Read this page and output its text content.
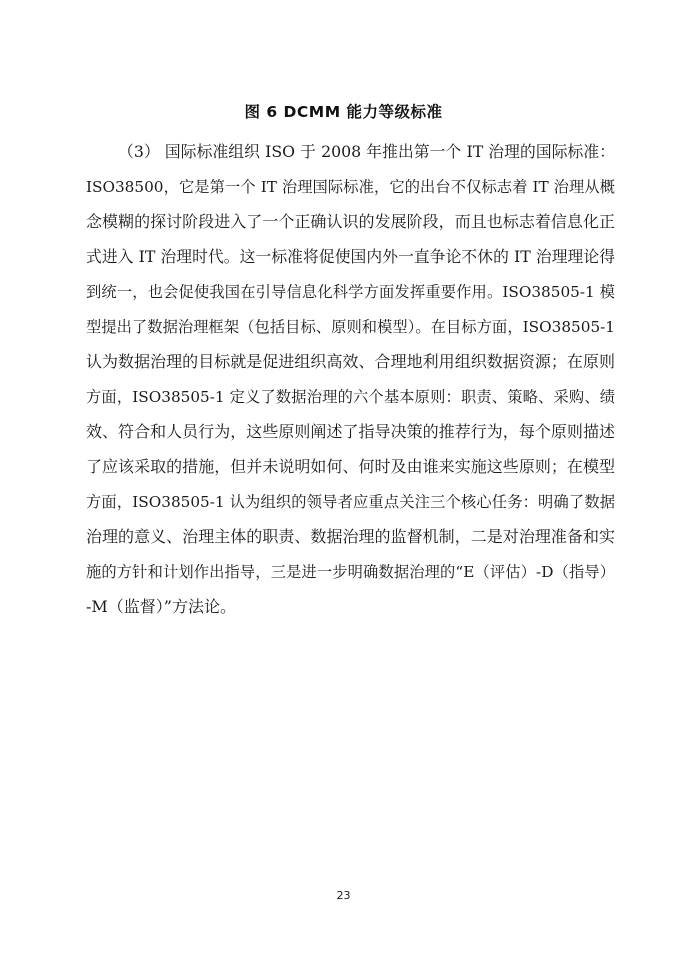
图 6 DCMM 能力等级标准
（3） 国际标准组织 ISO 于 2008 年推出第一个 IT 治理的国际标准：
ISO38500，它是第一个 IT 治理国际标准，它的出台不仅标志着 IT 治理从概
念模糊的探讨阶段进入了一个正确认识的发展阶段，而且也标志着信息化正
式进入 IT 治理时代。这一标准将促使国内外一直争论不休的 IT 治理理论得
到统一，也会促使我国在引导信息化科学方面发挥重要作用。ISO38505-1 模
型提出了数据治理框架（包括目标、原则和模型）。在目标方面，ISO38505-1
认为数据治理的目标就是促进组织高效、合理地利用组织数据资源；在原则
方面，ISO38505-1 定义了数据治理的六个基本原则：职责、策略、采购、绩
效、符合和人员行为，这些原则阐述了指导决策的推荐行为，每个原则描述
了应该采取的措施，但并未说明如何、何时及由谁来实施这些原则；在模型
方面，ISO38505-1 认为组织的领导者应重点关注三个核心任务：明确了数据
治理的意义、治理主体的职责、数据治理的监督机制，二是对治理准备和实
施的方针和计划作出指导，三是进一步明确数据治理的“E（评估）-D（指导）
-M（监督）”方法论。
23
